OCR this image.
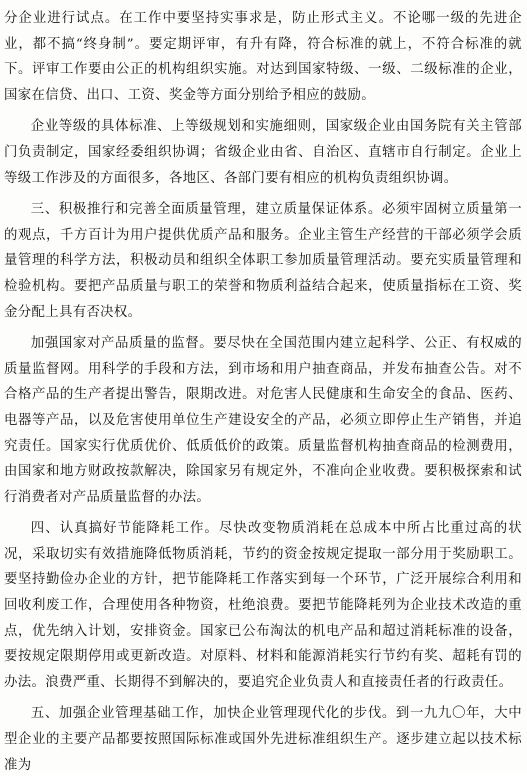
分企业进行试点。在工作中要坚持实事求是，防止形式主义。不论哪一级的先进企业，都不搞“终身制”。要定期评审，有升有降，符合标准的就上，不符合标准的就下。评审工作要由公正的机构组织实施。对达到国家特级、一级、二级标准的企业，国家在信贷、出口、工资、奖金等方面分别给予相应的鼓励。

企业等级的具体标准、上等级规划和实施细则，国家级企业由国务院有关主管部门负责制定，国家经委组织协调；省级企业由省、自治区、直辖市自行制定。企业上等级工作涉及的方面很多，各地区、各部门要有相应的机构负责组织协调。

三、积极推行和完善全面质量管理，建立质量保证体系。必须牢固树立质量第一的观点，千方百计为用户提供优质产品和服务。企业主管生产经营的干部必须学会质量管理的科学方法，积极动员和组织全体职工参加质量管理活动。要充实质量管理和检验机构。要把产品质量与职工的荣誉和物质利益结合起来，使质量指标在工资、奖金分配上具有否决权。

加强国家对产品质量的监督。要尽快在全国范围内建立起科学、公正、有权威的质量监督网。用科学的手段和方法，到市场和用户抽查商品，并发布抽查公告。对不合格产品的生产者提出警告，限期改进。对危害人民健康和生命安全的食品、医药、电器等产品，以及危害使用单位生产建设安全的产品，必须立即停止生产销售，并追究责任。国家实行优质优价、低质低价的政策。质量监督机构抽查商品的检测费用，由国家和地方财政按款解决，除国家另有规定外，不准向企业收费。要积极探索和试行消费者对产品质量监督的办法。

四、认真搞好节能降耗工作。尽快改变物质消耗在总成本中所占比重过高的状况，采取切实有效措施降低物质消耗，节约的资金按规定提取一部分用于奖励职工。要坚持勤俭办企业的方针，把节能降耗工作落实到每一个环节，广泛开展综合利用和回收利废工作，合理使用各种物资，杜绝浪费。要把节能降耗列为企业技术改造的重点，优先纳入计划，安排资金。国家已公布淘汰的机电产品和超过消耗标准的设备，要按规定限期停用或更新改造。对原料、材料和能源消耗实行节约有奖、超耗有罚的办法。浪费严重、长期得不到解决的，要追究企业负责人和直接责任者的行政责任。

五、加强企业管理基础工作，加快企业管理现代化的步伐。到一九九〇年，大中型企业的主要产品都要按照国际标准或国外先进标准组织生产。逐步建立起以技术标准为
